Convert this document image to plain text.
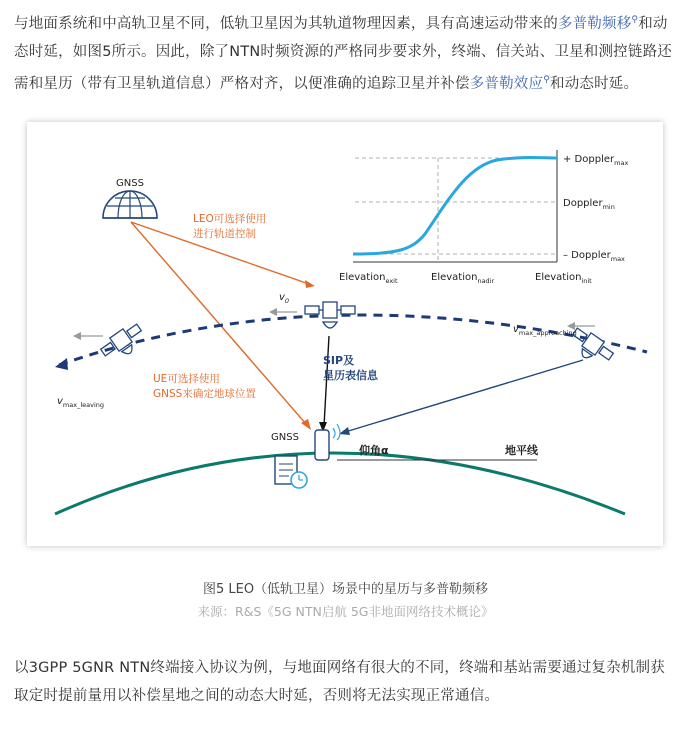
与地面系统和中高轨卫星不同，低轨卫星因为其轨道物理因素，具有高速运动带来的多普勒频移⚲和动态时延，如图5所示。因此，除了NTN时频资源的严格同步要求外，终端、信关站、卫星和测控链路还需和星历（带有卫星轨道信息）严格对齐，以便准确的追踪卫星并补偿多普勒效应⚲和动态时延。
+ Doppler$_{max}$
Doppler$_{min}$
– Doppler$_{max}$
Elevation$_{exit}$	Elevation$_{nadir}$	Elevation$_{init}$
GNSS
LEO可选择使用
进行轨道控制
UE可选择使用
GNSS来确定地球位置
$v_0$
$v_{max\_leaving}$
$v_{max\_approaching}$
SIP及
星历表信息
仰角α	地平线
GNSS
图5 LEO（低轨卫星）场景中的星历与多普勒频移
来源：R&S《5G NTN启航 5G非地面网络技术概论》
以3GPP 5GNR NTN终端接入协议为例，与地面网络有很大的不同，终端和基站需要通过复杂机制获取定时提前量用以补偿星地之间的动态大时延，否则将无法实现正常通信。
